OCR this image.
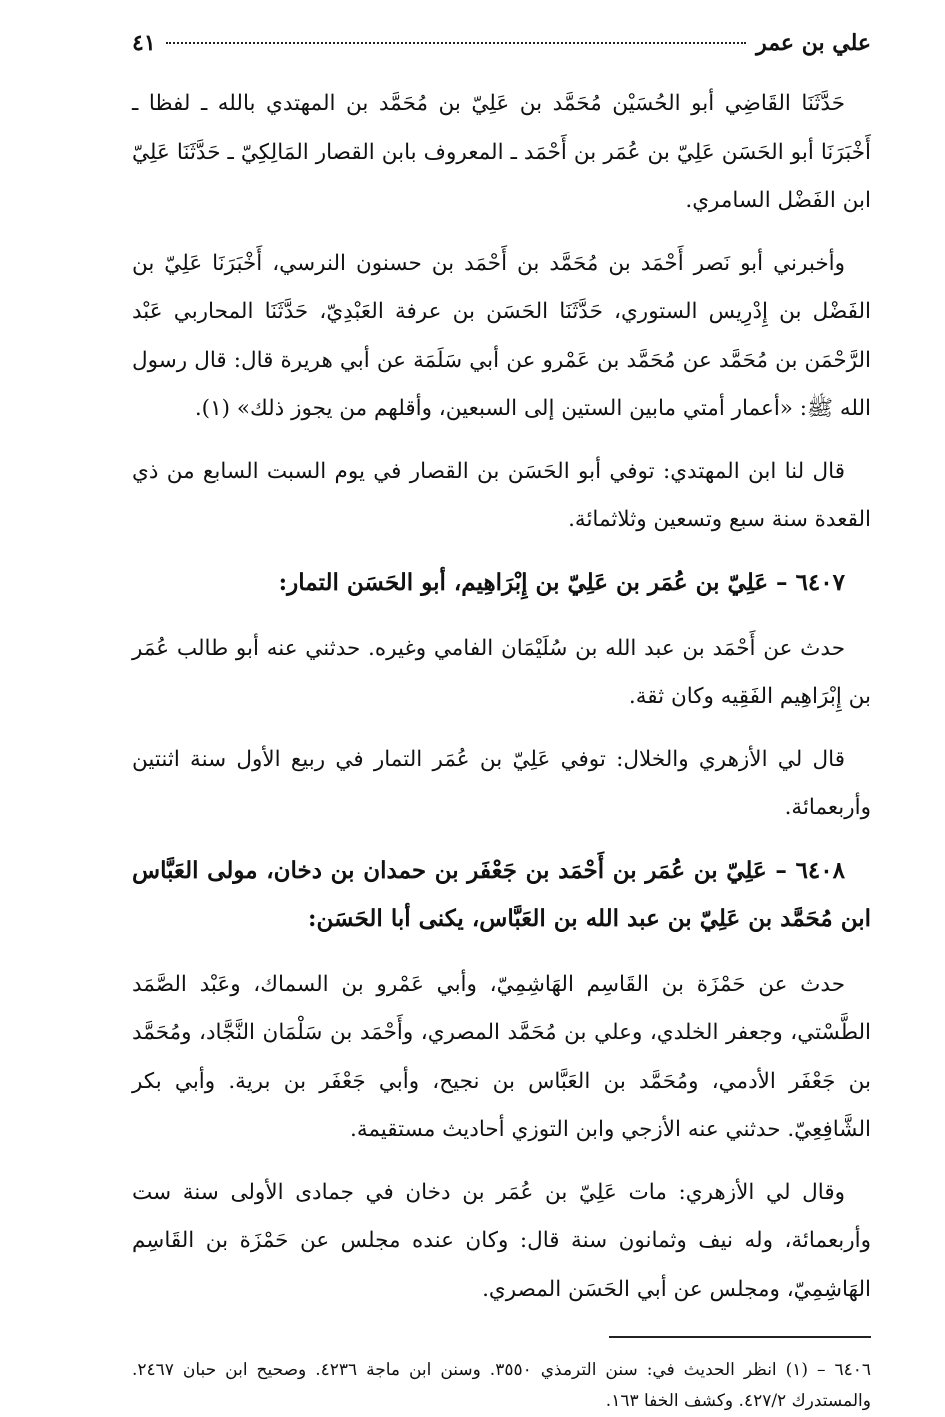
علي بن عمر
٤١

حَدَّثَنَا القَاضِي أبو الحُسَيْن مُحَمَّد بن عَلِيّ بن مُحَمَّد بن المهتدي بالله ـ لفظا ـ أَخْبَرَنَا أبو الحَسَن عَلِيّ بن عُمَر بن أَحْمَد ـ المعروف بابن القصار المَالِكِيّ ـ حَدَّثَنَا عَلِيّ ابن الفَضْل السامري.

وأخبرني أبو نَصر أَحْمَد بن مُحَمَّد بن أَحْمَد بن حسنون النرسي، أَخْبَرَنَا عَلِيّ بن الفَضْل بن إِدْرِيس الستوري، حَدَّثَنَا الحَسَن بن عرفة العَبْدِيّ، حَدَّثَنَا المحاربي عَبْد الرَّحْمَن بن مُحَمَّد عن مُحَمَّد بن عَمْرو عن أبي سَلَمَة عن أبي هريرة قال: قال رسول الله ﷺ: «أعمار أمتي مابين الستين إلى السبعين، وأقلهم من يجوز ذلك» (١).

قال لنا ابن المهتدي: توفي أبو الحَسَن بن القصار في يوم السبت السابع من ذي القعدة سنة سبع وتسعين وثلاثمائة.

٦٤٠٧ – عَلِيّ بن عُمَر بن عَلِيّ بن إِبْرَاهِيم، أبو الحَسَن التمار:

حدث عن أَحْمَد بن عبد الله بن سُلَيْمَان الفامي وغيره. حدثني عنه أبو طالب عُمَر بن إِبْرَاهِيم الفَقِيه وكان ثقة.

قال لي الأزهري والخلال: توفي عَلِيّ بن عُمَر التمار في ربيع الأول سنة اثنتين وأربعمائة.

٦٤٠٨ – عَلِيّ بن عُمَر بن أَحْمَد بن جَعْفَر بن حمدان بن دخان، مولى العَبَّاس ابن مُحَمَّد بن عَلِيّ بن عبد الله بن العَبَّاس، يكنى أبا الحَسَن:

حدث عن حَمْزَة بن القَاسِم الهَاشِمِيّ، وأبي عَمْرو بن السماك، وعَبْد الصَّمَد الطَّسْتي، وجعفر الخلدي، وعلي بن مُحَمَّد المصري، وأَحْمَد بن سَلْمَان النَّجَّاد، ومُحَمَّد بن جَعْفَر الأدمي، ومُحَمَّد بن العَبَّاس بن نجيح، وأبي جَعْفَر بن برية. وأبي بكر الشَّافِعِيّ. حدثني عنه الأزجي وابن التوزي أحاديث مستقيمة.

وقال لي الأزهري: مات عَلِيّ بن عُمَر بن دخان في جمادى الأولى سنة ست وأربعمائة، وله نيف وثمانون سنة قال: وكان عنده مجلس عن حَمْزَة بن القَاسِم الهَاشِمِيّ، ومجلس عن أبي الحَسَن المصري.

٦٤٠٦ – (١) انظر الحديث في: سنن الترمذي ٣٥٥٠. وسنن ابن ماجة ٤٢٣٦. وصحيح ابن حبان ٢٤٦٧. والمستدرك ٤٢٧/٢. وكشف الخفا ١٦٣.
